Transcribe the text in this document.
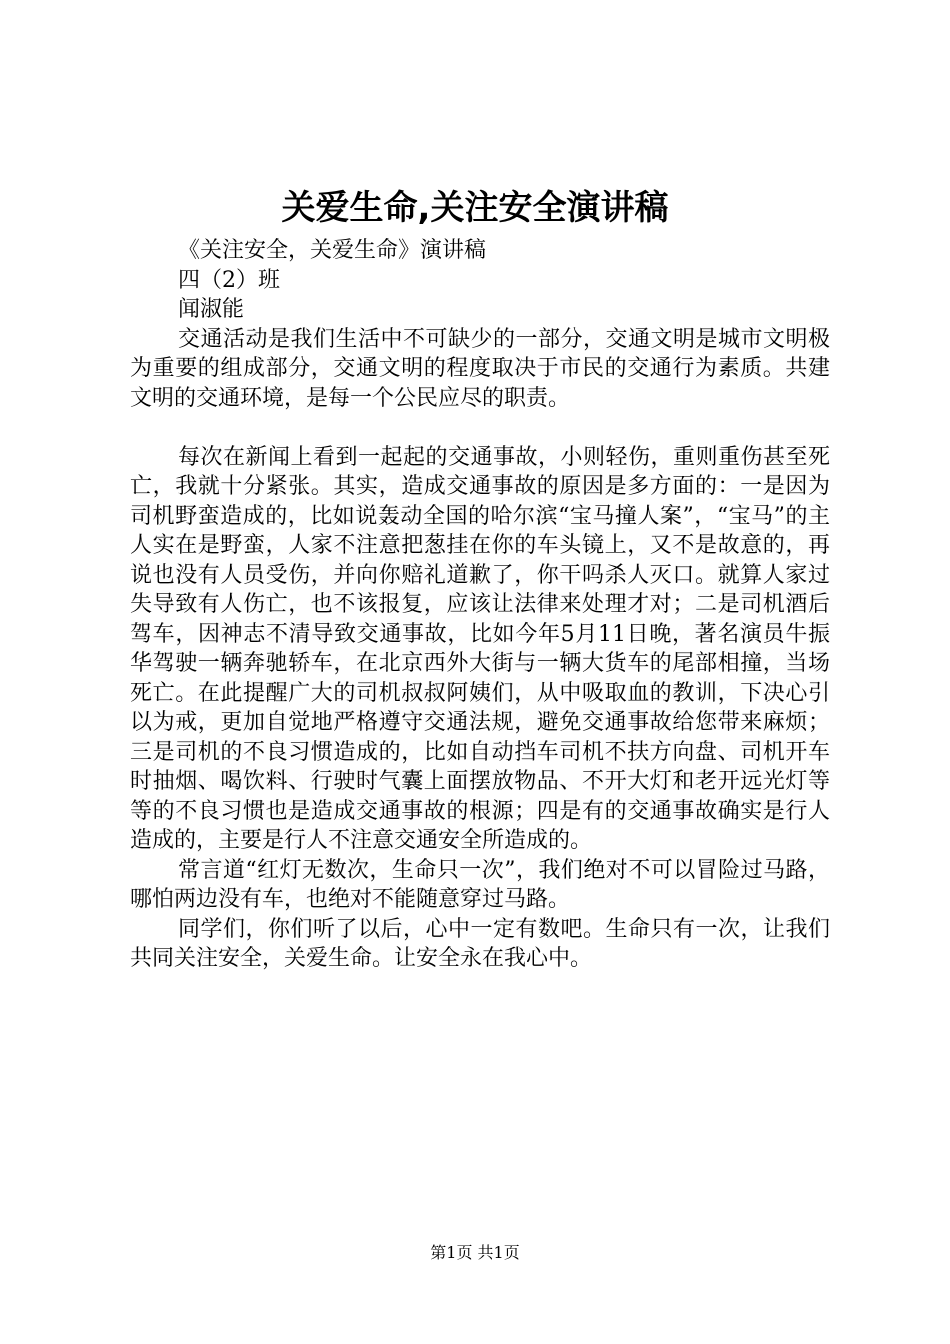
关爱生命,关注安全演讲稿

《关注安全，关爱生命》演讲稿

四（2）班

闻淑能

交通活动是我们生活中不可缺少的一部分，交通文明是城市文明极为重要的组成部分，交通文明的程度取决于市民的交通行为素质。共建文明的交通环境，是每一个公民应尽的职责。

每次在新闻上看到一起起的交通事故，小则轻伤，重则重伤甚至死亡，我就十分紧张。其实，造成交通事故的原因是多方面的：一是因为司机野蛮造成的，比如说轰动全国的哈尔滨“宝马撞人案”，“宝马”的主人实在是野蛮，人家不注意把葱挂在你的车头镜上，又不是故意的，再说也没有人员受伤，并向你赔礼道歉了，你干吗杀人灭口。就算人家过失导致有人伤亡，也不该报复，应该让法律来处理才对；二是司机酒后驾车，因神志不清导致交通事故，比如今年5月11日晚，著名演员牛振华驾驶一辆奔驰轿车，在北京西外大街与一辆大货车的尾部相撞，当场死亡。在此提醒广大的司机叔叔阿姨们，从中吸取血的教训，下决心引以为戒，更加自觉地严格遵守交通法规，避免交通事故给您带来麻烦；三是司机的不良习惯造成的，比如自动挡车司机不扶方向盘、司机开车时抽烟、喝饮料、行驶时气囊上面摆放物品、不开大灯和老开远光灯等等的不良习惯也是造成交通事故的根源；四是有的交通事故确实是行人造成的，主要是行人不注意交通安全所造成的。

常言道“红灯无数次，生命只一次”，我们绝对不可以冒险过马路，哪怕两边没有车，也绝对不能随意穿过马路。

同学们，你们听了以后，心中一定有数吧。生命只有一次，让我们共同关注安全，关爱生命。让安全永在我心中。

第1页 共1页
